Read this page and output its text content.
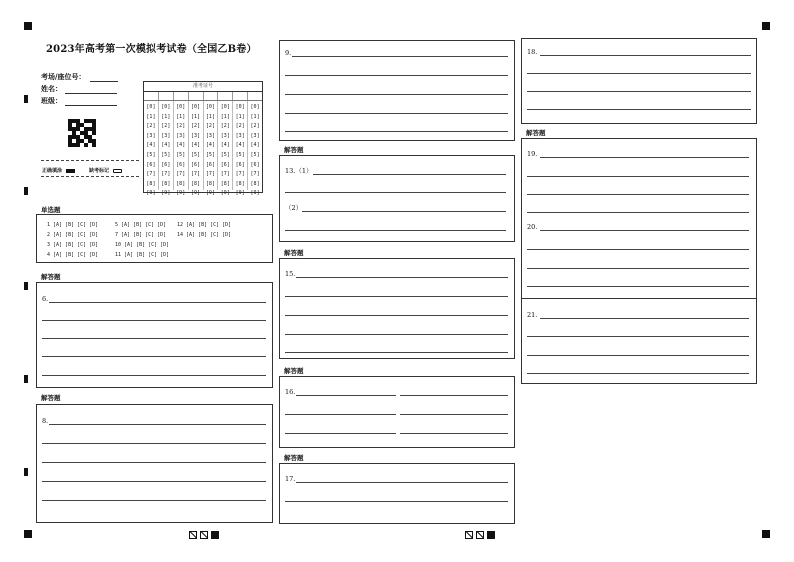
2023年高考第一次模拟考试卷（全国乙B卷）
考场/座位号：
姓名：
班级：
正确填涂	缺考标记
准考证号
[0]
[1]
[2]
[3]
[4]
[5]
[6]
[7]
[8]
[9]
[0]
[1]
[2]
[3]
[4]
[5]
[6]
[7]
[8]
[9]
[0]
[1]
[2]
[3]
[4]
[5]
[6]
[7]
[8]
[9]
[0]
[1]
[2]
[3]
[4]
[5]
[6]
[7]
[8]
[9]
[0]
[1]
[2]
[3]
[4]
[5]
[6]
[7]
[8]
[9]
[0]
[1]
[2]
[3]
[4]
[5]
[6]
[7]
[8]
[9]
[0]
[1]
[2]
[3]
[4]
[5]
[6]
[7]
[8]
[9]
[0]
[1]
[2]
[3]
[4]
[5]
[6]
[7]
[8]
[9]
单选题
1 [A] [B] [C] [D]
2 [A] [B] [C] [D]
3 [A] [B] [C] [D]
4 [A] [B] [C] [D]
5 [A] [B] [C] [D]
7 [A] [B] [C] [D]
10 [A] [B] [C] [D]
11 [A] [B] [C] [D]
12 [A] [B] [C] [D]
14 [A] [B] [C] [D]
解答题
6.
解答题
8.
9.
解答题
13.（1）
（2）
解答题
15.
解答题
16.
解答题
17.
18.
解答题
19.
20.
21.
